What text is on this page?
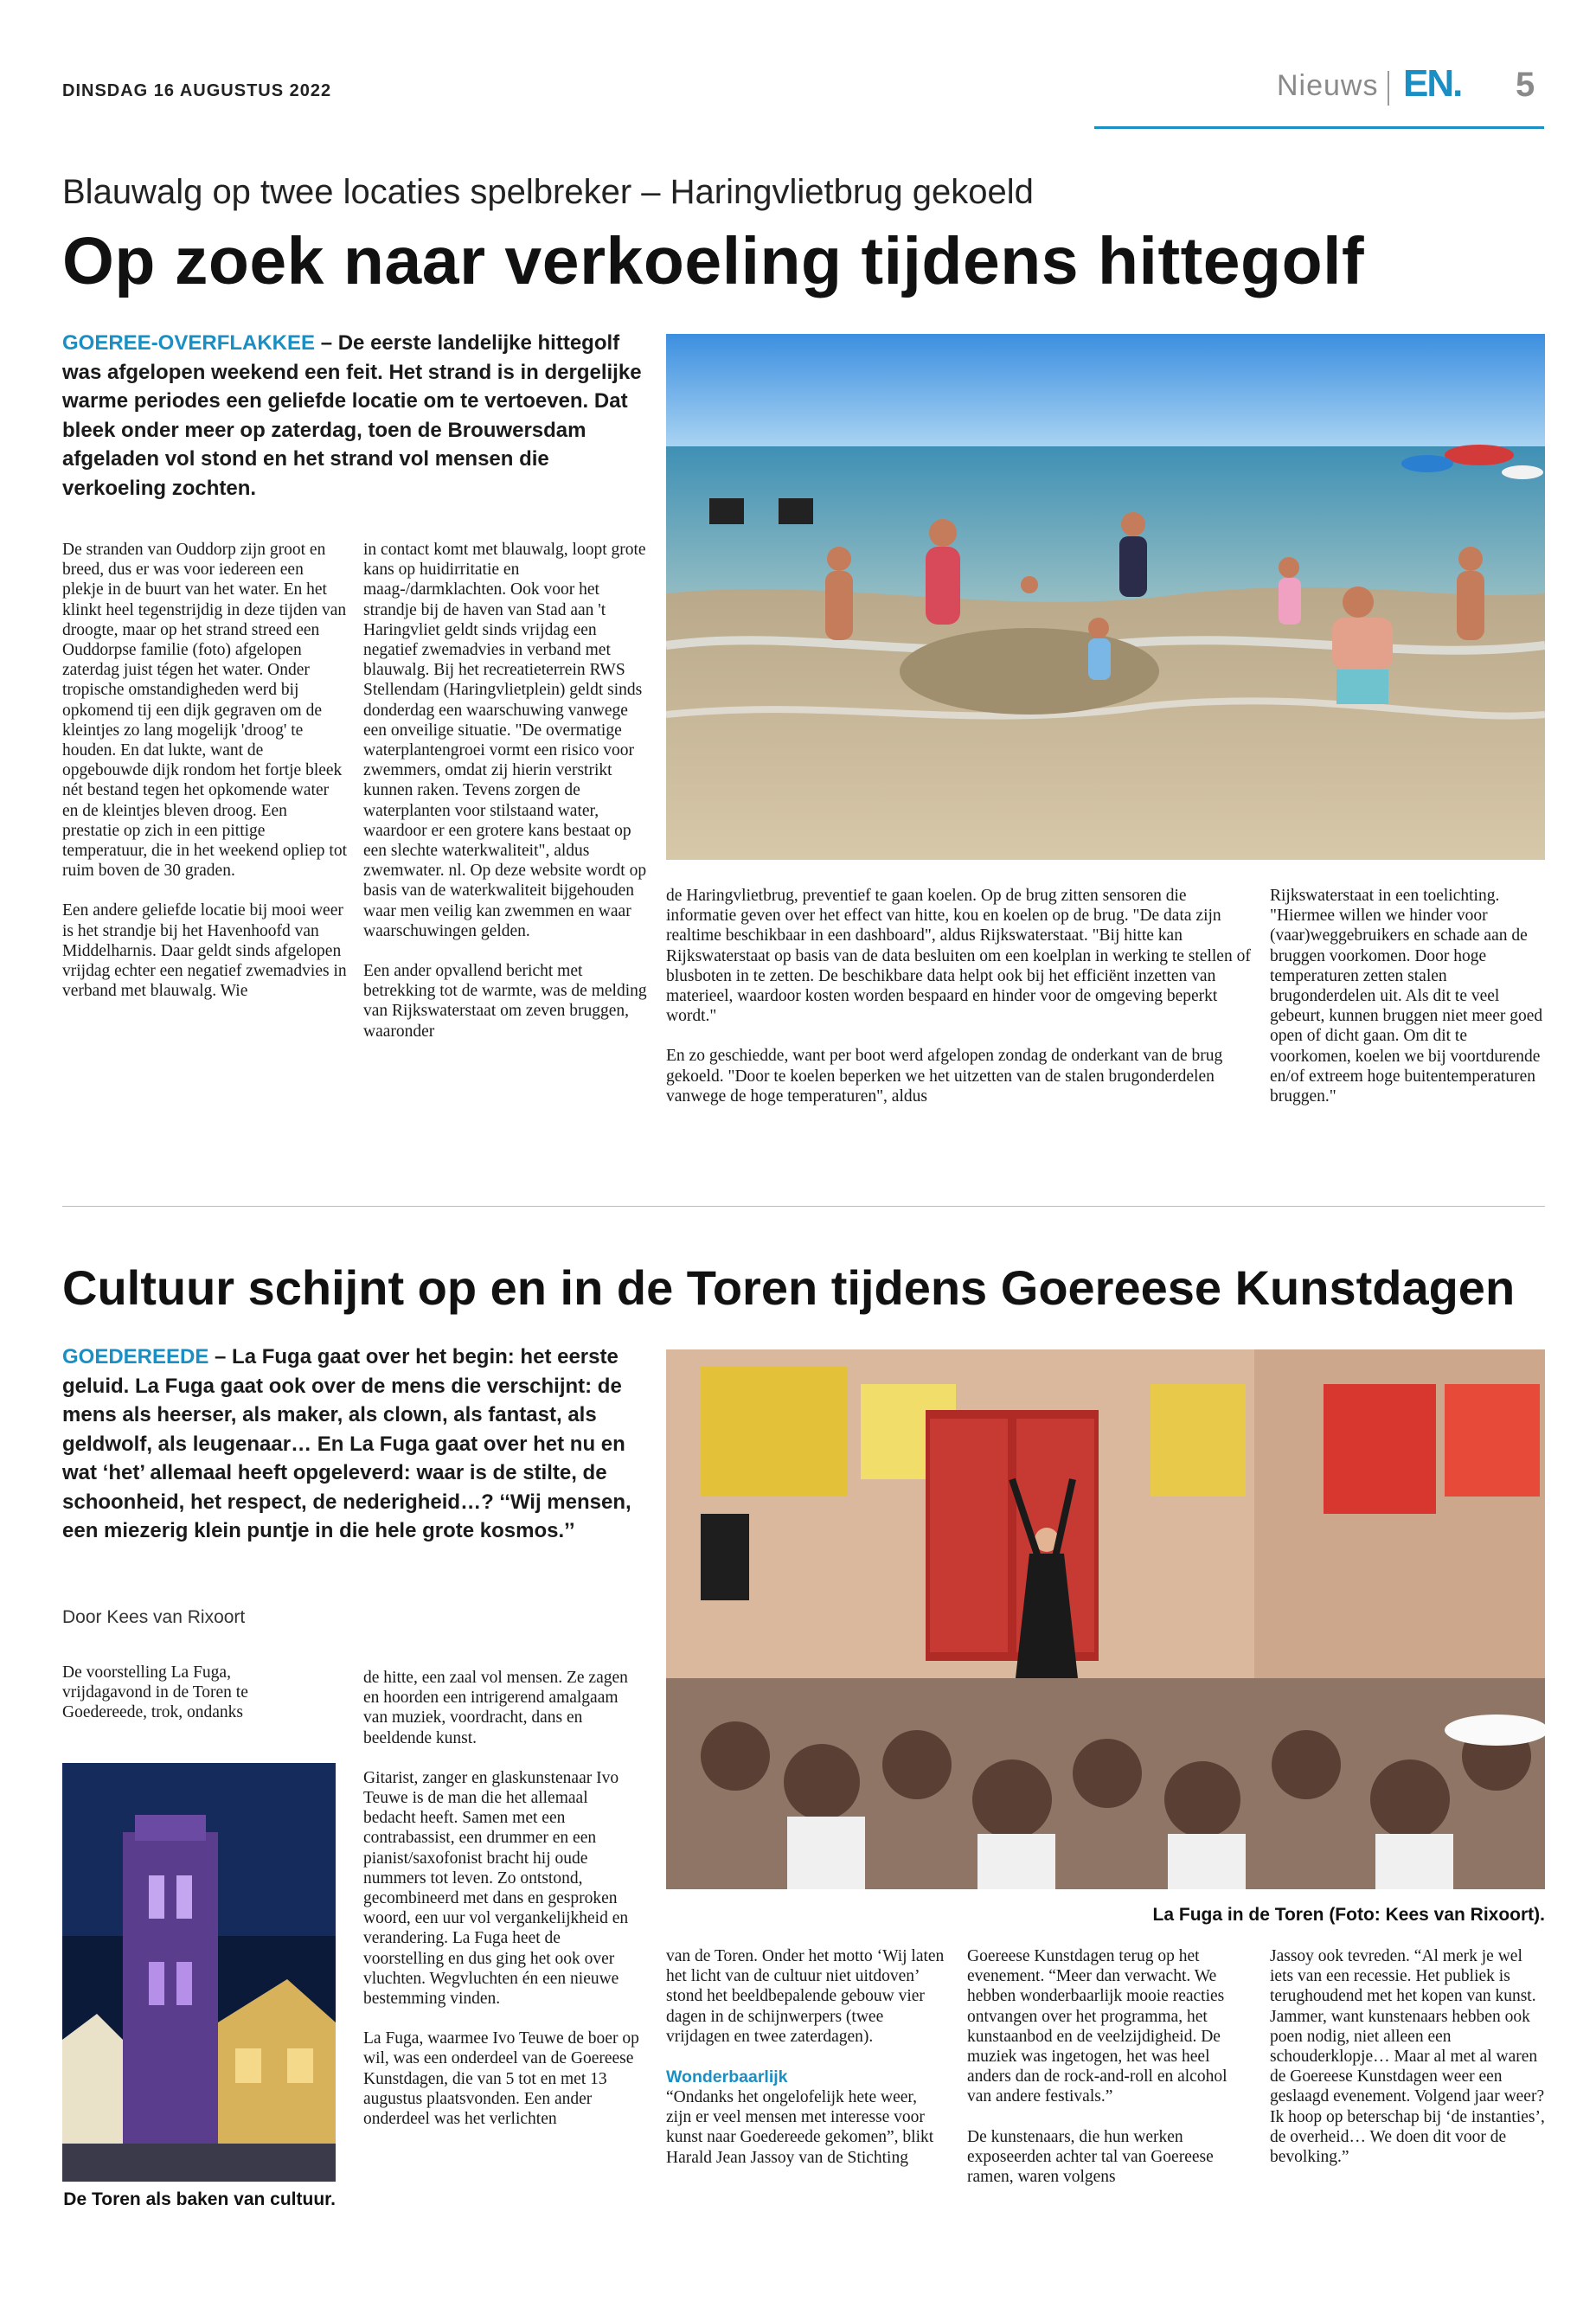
DINSDAG 16 AUGUSTUS 2022	Nieuws EN. 5
Blauwalg op twee locaties spelbreker – Haringvlietbrug gekoeld
Op zoek naar verkoeling tijdens hittegolf
GOEREE-OVERFLAKKEE – De eerste landelijke hittegolf was afgelopen weekend een feit. Het strand is in dergelijke warme periodes een geliefde locatie om te vertoeven. Dat bleek onder meer op zaterdag, toen de Brouwersdam afgeladen vol stond en het strand vol mensen die verkoeling zochten.

De stranden van Ouddorp zijn groot en breed, dus er was voor iedereen een plekje in de buurt van het water. En het klinkt heel tegenstrijdig in deze tijden van droogte, maar op het strand streed een Ouddorpse familie (foto) afgelopen zaterdag juist tégen het water. Onder tropische omstandigheden werd bij opkomend tij een dijk gegraven om de kleintjes zo lang mogelijk 'droog' te houden. En dat lukte, want de opgebouwde dijk rondom het fortje bleek nét bestand tegen het opkomende water en de kleintjes bleven droog. Een prestatie op zich in een pittige temperatuur, die in het weekend opliep tot ruim boven de 30 graden.

Een andere geliefde locatie bij mooi weer is het strandje bij het Havenhoofd van Middelharnis. Daar geldt sinds afgelopen vrijdag echter een negatief zwemadvies in verband met blauwalg. Wie

in contact komt met blauwalg, loopt grote kans op huidirritatie en maag-/darmklachten. Ook voor het strandje bij de haven van Stad aan 't Haringvliet geldt sinds vrijdag een negatief zwemadvies in verband met blauwalg. Bij het recreatieterrein RWS Stellendam (Haringvlietplein) geldt sinds donderdag een waarschuwing vanwege een onveilige situatie. "De overmatige waterplantengroei vormt een risico voor zwemmers, omdat zij hierin verstrikt kunnen raken. Tevens zorgen de waterplanten voor stilstaand water, waardoor er een grotere kans bestaat op een slechte waterkwaliteit", aldus zwemwater. nl. Op deze website wordt op basis van de waterkwaliteit bijgehouden waar men veilig kan zwemmen en waar waarschuwingen gelden.

Een ander opvallend bericht met betrekking tot de warmte, was de melding van Rijkswaterstaat om zeven bruggen, waaronder

de Haringvlietbrug, preventief te gaan koelen. Op de brug zitten sensoren die informatie geven over het effect van hitte, kou en koelen op de brug. "De data zijn realtime beschikbaar in een dashboard", aldus Rijkswaterstaat. "Bij hitte kan Rijkswaterstaat op basis van de data besluiten om een koelplan in werking te stellen of blusboten in te zetten. De beschikbare data helpt ook bij het efficiënt inzetten van materieel, waardoor kosten worden bespaard en hinder voor de omgeving beperkt wordt."

En zo geschiedde, want per boot werd afgelopen zondag de onderkant van de brug gekoeld. "Door te koelen beperken we het uitzetten van de stalen brugonderdelen vanwege de hoge temperaturen", aldus

Rijkswaterstaat in een toelichting. "Hiermee willen we hinder voor (vaar)weggebruikers en schade aan de bruggen voorkomen. Door hoge temperaturen zetten stalen brugonderdelen uit. Als dit te veel gebeurt, kunnen bruggen niet meer goed open of dicht gaan. Om dit te voorkomen, koelen we bij voortdurende en/of extreem hoge buitentemperaturen bruggen."

Cultuur schijnt op en in de Toren tijdens Goereese Kunstdagen
GOEDEREEDE – La Fuga gaat over het begin: het eerste geluid. La Fuga gaat ook over de mens die verschijnt: de mens als heerser, als maker, als clown, als fantast, als geldwolf, als leugenaar… En La Fuga gaat over het nu en wat ‘het’ allemaal heeft opgeleverd: waar is de stilte, de schoonheid, het respect, de nederigheid…? ‘‘Wij mensen, een miezerig klein puntje in die hele grote kosmos.’’
Door Kees van Rixoort

De voorstelling La Fuga, vrijdagavond in de Toren te Goedereede, trok, ondanks

De Toren als baken van cultuur.

de hitte, een zaal vol mensen. Ze zagen en hoorden een intrigerend amalgaam van muziek, voordracht, dans en beeldende kunst.

Gitarist, zanger en glaskunstenaar Ivo Teuwe is de man die het allemaal bedacht heeft. Samen met een contrabassist, een drummer en een pianist/saxofonist bracht hij oude nummers tot leven. Zo ontstond, gecombineerd met dans en gesproken woord, een uur vol vergankelijkheid en verandering. La Fuga heet de voorstelling en dus ging het ook over vluchten. Wegvluchten én een nieuwe bestemming vinden.

La Fuga, waarmee Ivo Teuwe de boer op wil, was een onderdeel van de Goereese Kunstdagen, die van 5 tot en met 13 augustus plaatsvonden. Een ander onderdeel was het verlichten

La Fuga in de Toren (Foto: Kees van Rixoort).

van de Toren. Onder het motto ‘Wij laten het licht van de cultuur niet uitdoven’ stond het beeldbepalende gebouw vier dagen in de schijnwerpers (twee vrijdagen en twee zaterdagen).

Wonderbaarlijk

“Ondanks het ongelofelijk hete weer, zijn er veel mensen met interesse voor kunst naar Goedereede gekomen”, blikt Harald Jean Jassoy van de Stichting

Goereese Kunstdagen terug op het evenement. “Meer dan verwacht. We hebben wonderbaarlijk mooie reacties ontvangen over het programma, het kunstaanbod en de veelzijdigheid. De muziek was ingetogen, het was heel anders dan de rock-and-roll en alcohol van andere festivals.”

De kunstenaars, die hun werken exposeerden achter tal van Goereese ramen, waren volgens

Jassoy ook tevreden. “Al merk je wel iets van een recessie. Het publiek is terughoudend met het kopen van kunst. Jammer, want kunstenaars hebben ook poen nodig, niet alleen een schouderklopje… Maar al met al waren de Goereese Kunstdagen weer een geslaagd evenement. Volgend jaar weer? Ik hoop op beterschap bij ‘de instanties’, de overheid… We doen dit voor de bevolking.”
